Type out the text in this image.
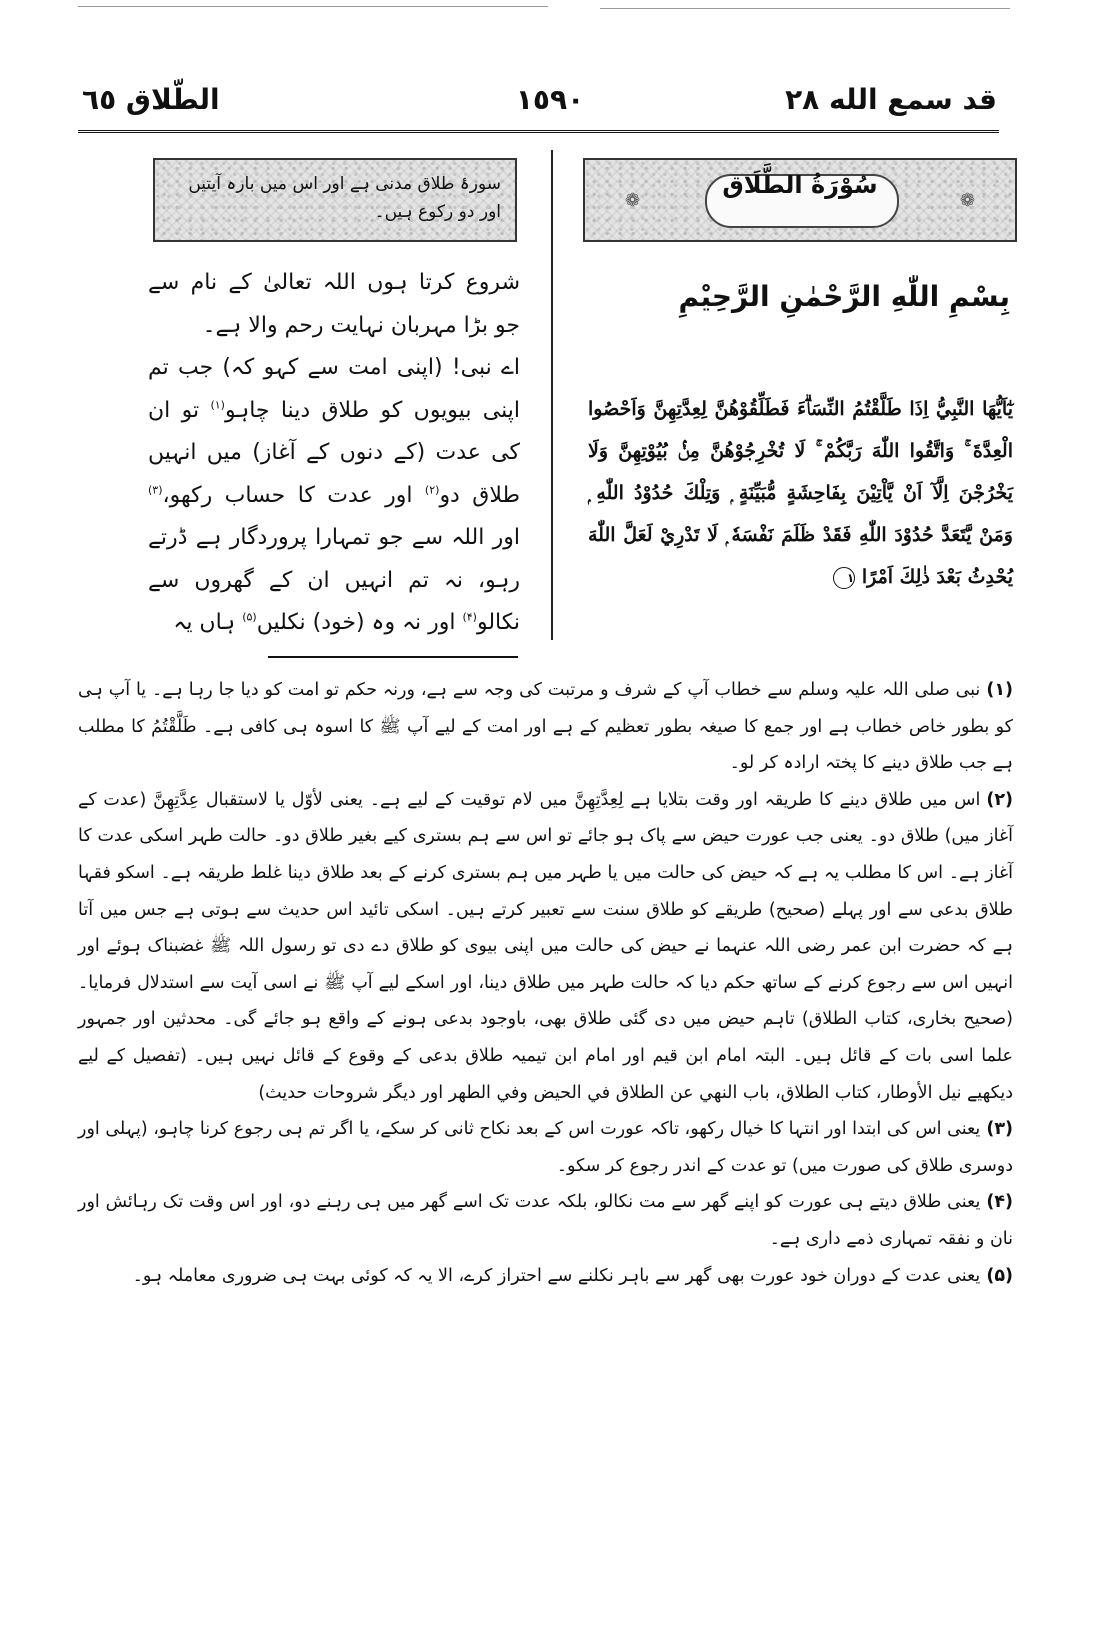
الطّلاق ٦٥	١٥٩٠	قد سمع الله ٢٨
سورۂ طلاق مدنی ہے اور اس میں بارہ آیتیں اور دو رکوع ہیں۔
❁	❁
سُوْرَةُ الطَّلَاق
بِسْمِ اللّٰهِ الرَّحْمٰنِ الرَّحِيْمِ

شروع کرتا ہوں اللہ تعالیٰ کے نام سے جو بڑا مہربان نہایت رحم والا ہے۔

اے نبی! (اپنی امت سے کہو کہ) جب تم اپنی بیویوں کو طلاق دینا چاہو$^{(۱)}$ تو ان کی عدت (کے دنوں کے آغاز) میں انہیں طلاق دو$^{(۲)}$ اور عدت کا حساب رکھو،$^{(۳)}$ اور اللہ سے جو تمہارا پروردگار ہے ڈرتے رہو، نہ تم انہیں ان کے گھروں سے نکالو$^{(۴)}$ اور نہ وہ (خود) نکلیں$^{(۵)}$ ہاں یہ

يٰٓاَيُّهَا النَّبِيُّ اِذَا طَلَّقْتُمُ النِّسَاۗءَ فَطَلِّقُوْهُنَّ لِعِدَّتِهِنَّ وَاَحْصُوا الْعِدَّةَ ۚ وَاتَّقُوا اللّٰهَ رَبَّكُمْ ۚ لَا تُخْرِجُوْهُنَّ مِنْۢ بُيُوْتِهِنَّ وَلَا يَخْرُجْنَ اِلَّآ اَنْ يَّاْتِيْنَ بِفَاحِشَةٍ مُّبَيِّنَةٍ ۭ وَتِلْكَ حُدُوْدُ اللّٰهِ ۭ وَمَنْ يَّتَعَدَّ حُدُوْدَ اللّٰهِ فَقَدْ ظَلَمَ نَفْسَهٗ ۭ لَا تَدْرِيْ لَعَلَّ اللّٰهَ يُحْدِثُ بَعْدَ ذٰلِكَ اَمْرًا ١

(۱)نبی صلی اللہ علیہ وسلم سے خطاب آپ کے شرف و مرتبت کی وجہ سے ہے، ورنہ حکم تو امت کو دیا جا رہا ہے۔ یا آپ ہی کو بطور خاص خطاب ہے اور جمع کا صیغہ بطور تعظیم کے ہے اور امت کے لیے آپ ﷺ کا اسوہ ہی کافی ہے۔ طَلَّقْتُمُ کا مطلب ہے جب طلاق دینے کا پختہ ارادہ کر لو۔

(۲)اس میں طلاق دینے کا طریقہ اور وقت بتلایا ہے لِعِدَّتِهِنَّ میں لام توقیت کے لیے ہے۔ یعنی لأوّل یا لاستقبال عِدَّتِهِنَّ (عدت کے آغاز میں) طلاق دو۔ یعنی جب عورت حیض سے پاک ہو جائے تو اس سے ہم بستری کیے بغیر طلاق دو۔ حالت طہر اسکی عدت کا آغاز ہے۔ اس کا مطلب یہ ہے کہ حیض کی حالت میں یا طہر میں ہم بستری کرنے کے بعد طلاق دینا غلط طریقہ ہے۔ اسکو فقہا طلاق بدعی سے اور پہلے (صحیح) طریقے کو طلاق سنت سے تعبیر کرتے ہیں۔ اسکی تائید اس حدیث سے ہوتی ہے جس میں آتا ہے کہ حضرت ابن عمر رضی اللہ عنہما نے حیض کی حالت میں اپنی بیوی کو طلاق دے دی تو رسول اللہ ﷺ غضبناک ہوئے اور انہیں اس سے رجوع کرنے کے ساتھ حکم دیا کہ حالت طہر میں طلاق دینا، اور اسکے لیے آپ ﷺ نے اسی آیت سے استدلال فرمایا۔ (صحیح بخاری، کتاب الطلاق) تاہم حیض میں دی گئی طلاق بھی، باوجود بدعی ہونے کے واقع ہو جائے گی۔ محدثین اور جمہور علما اسی بات کے قائل ہیں۔ البتہ امام ابن قیم اور امام ابن تیمیہ طلاق بدعی کے وقوع کے قائل نہیں ہیں۔ (تفصیل کے لیے دیکھیے نیل الأوطار، کتاب الطلاق، باب النهي عن الطلاق في الحيض وفي الطهر اور دیگر شروحات حدیث)

(۳)یعنی اس کی ابتدا اور انتہا کا خیال رکھو، تاکہ عورت اس کے بعد نکاح ثانی کر سکے، یا اگر تم ہی رجوع کرنا چاہو، (پہلی اور دوسری طلاق کی صورت میں) تو عدت کے اندر رجوع کر سکو۔

(۴)یعنی طلاق دیتے ہی عورت کو اپنے گھر سے مت نکالو، بلکہ عدت تک اسے گھر میں ہی رہنے دو، اور اس وقت تک رہائش اور نان و نفقہ تمہاری ذمے داری ہے۔

(۵)یعنی عدت کے دوران خود عورت بھی گھر سے باہر نکلنے سے احتراز کرے، الا یہ کہ کوئی بہت ہی ضروری معاملہ ہو۔
